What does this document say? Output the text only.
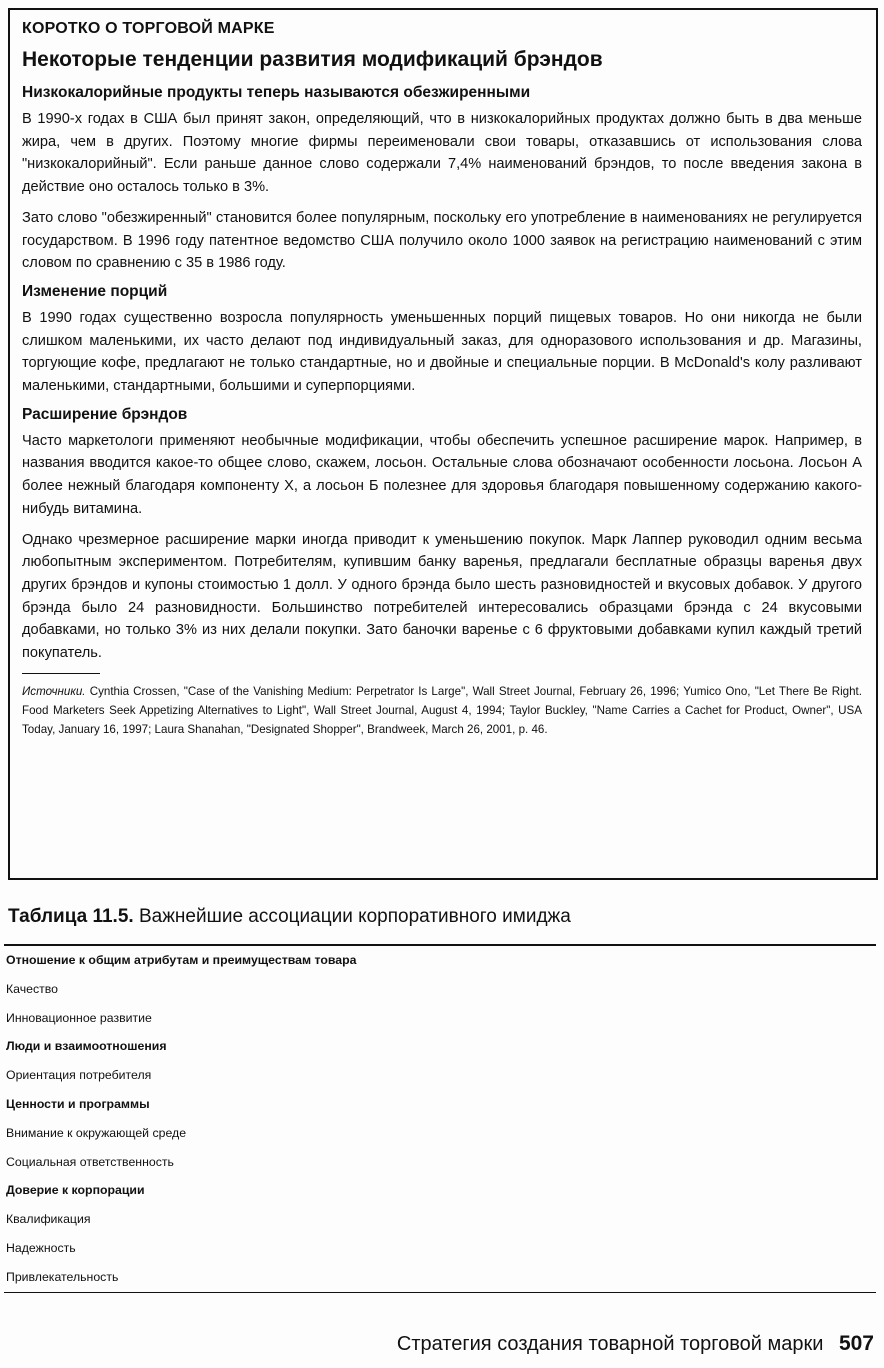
КОРОТКО О ТОРГОВОЙ МАРКЕ
Некоторые тенденции развития модификаций брэндов
Низкокалорийные продукты теперь называются обезжиренными

В 1990-х годах в США был принят закон, определяющий, что в низкокалорийных продуктах должно быть в два меньше жира, чем в других. Поэтому многие фирмы переименовали свои товары, отказавшись от использования слова "низкокалорийный". Если раньше данное слово содержали 7,4% наименований брэндов, то после введения закона в действие оно осталось только в 3%.

Зато слово "обезжиренный" становится более популярным, поскольку его употребление в наименованиях не регулируется государством. В 1996 году патентное ведомство США получило около 1000 заявок на регистрацию наименований с этим словом по сравнению с 35 в 1986 году.

Изменение порций

В 1990 годах существенно возросла популярность уменьшенных порций пищевых товаров. Но они никогда не были слишком маленькими, их часто делают под индивидуальный заказ, для одноразового использования и др. Магазины, торгующие кофе, предлагают не только стандартные, но и двойные и специальные порции. В McDonald's колу разливают маленькими, стандартными, большими и суперпорциями.

Расширение брэндов

Часто маркетологи применяют необычные модификации, чтобы обеспечить успешное расширение марок. Например, в названия вводится какое-то общее слово, скажем, лосьон. Остальные слова обозначают особенности лосьона. Лосьон A более нежный благодаря компоненту X, а лосьон Б полезнее для здоровья благодаря повышенному содержанию какого-нибудь витамина.

Однако чрезмерное расширение марки иногда приводит к уменьшению покупок. Марк Лаппер руководил одним весьма любопытным экспериментом. Потребителям, купившим банку варенья, предлагали бесплатные образцы варенья двух других брэндов и купоны стоимостью 1 долл. У одного брэнда было шесть разновидностей и вкусовых добавок. У другого брэнда было 24 разновидности. Большинство потребителей интересовались образцами брэнда с 24 вкусовыми добавками, но только 3% из них делали покупки. Зато баночки варенье с 6 фруктовыми добавками купил каждый третий покупатель.

Источники. Cynthia Crossen, "Case of the Vanishing Medium: Perpetrator Is Large", Wall Street Journal, February 26, 1996; Yumico Ono, "Let There Be Right. Food Marketers Seek Appetizing Alternatives to Light", Wall Street Journal, August 4, 1994; Taylor Buckley, "Name Carries a Cachet for Product, Owner", USA Today, January 16, 1997; Laura Shanahan, "Designated Shopper", Brandweek, March 26, 2001, p. 46.
Таблица 11.5. Важнейшие ассоциации корпоративного имиджа
Отношение к общим атрибутам и преимуществам товара
Качество
Инновационное развитие
Люди и взаимоотношения
Ориентация потребителя
Ценности и программы
Внимание к окружающей среде
Социальная ответственность
Доверие к корпорации
Квалификация
Надежность
Привлекательность
Стратегия создания товарной торговой марки 507
